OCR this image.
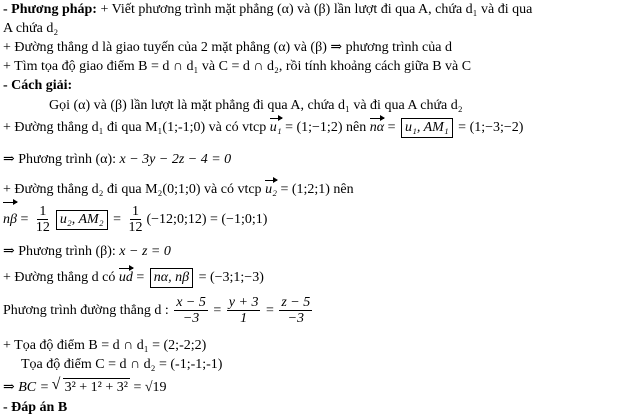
- Phương pháp: + Viết phương trình mặt phẳng (α) và (β) lần lượt đi qua A, chứa d₁ và đi qua
A chứa d₂
+ Đường thẳng d là giao tuyến của 2 mặt phẳng (α) và (β) ⇒ phương trình của d
+ Tìm tọa độ giao điểm B = d ∩ d₁ và C = d ∩ d₂, rồi tính khoảng cách giữa B và C
- Cách giải:
Gọi (α) và (β) lần lượt là mặt phẳng đi qua A, chứa d₁ và đi qua A chứa d₂
+ Đường thẳng d₁ đi qua M₁(1;-1;0) và có vtcp u₁ = (1;−1;2) nên nα = u₁, AM₁ = (1;−3;−2)
⇒ Phương trình (α): x − 3y − 2z − 4 = 0
+ Đường thẳng d₂ đi qua M₂(0;1;0) và có vtcp u₂ = (1;2;1) nên
$n\beta = \frac{1}{12} u_2$, $AM_2 = \frac{1}{12}$ (−12;0;12) = (−1;0;1)
⇒ Phương trình (β): x − z = 0
+ Đường thẳng d có ud = nα, nβ = (−3;1;−3)
Phương trình đường thẳng d : $\frac{x - 5}{-3} = \frac{y + 3}{1} = \frac{z - 5}{-3}$
+ Tọa độ điểm B = d ∩ d₁ = (2;-2;2)
Tọa độ điểm C = d ∩ d₂ = (-1;-1;-1)
⇒ BC = √ 3² + 1² + 3² = √19
- Đáp án B
